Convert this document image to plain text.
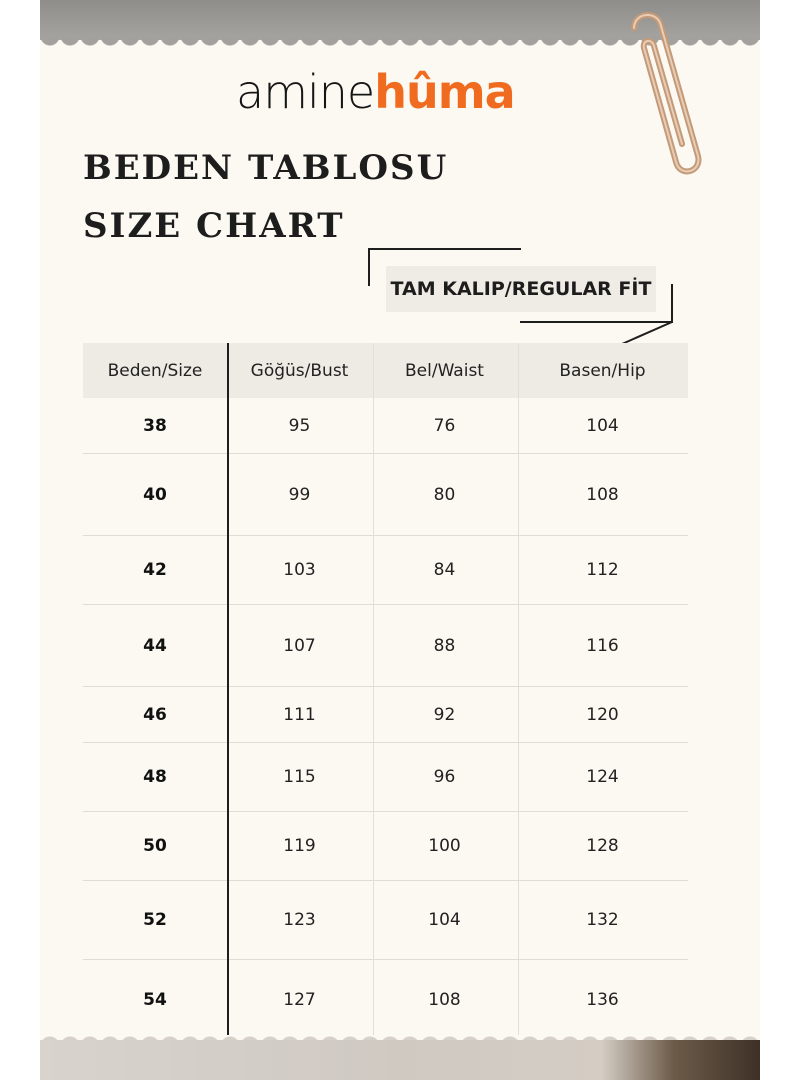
aminehûma
BEDEN TABLOSU
SIZE CHART
TAM KALIP/REGULAR FİT
Beden/Size	Göğüs/Bust	Bel/Waist	Basen/Hip
38	95	76	104
40	99	80	108
42	103	84	112
44	107	88	116
46	111	92	120
48	115	96	124
50	119	100	128
52	123	104	132
54	127	108	136
